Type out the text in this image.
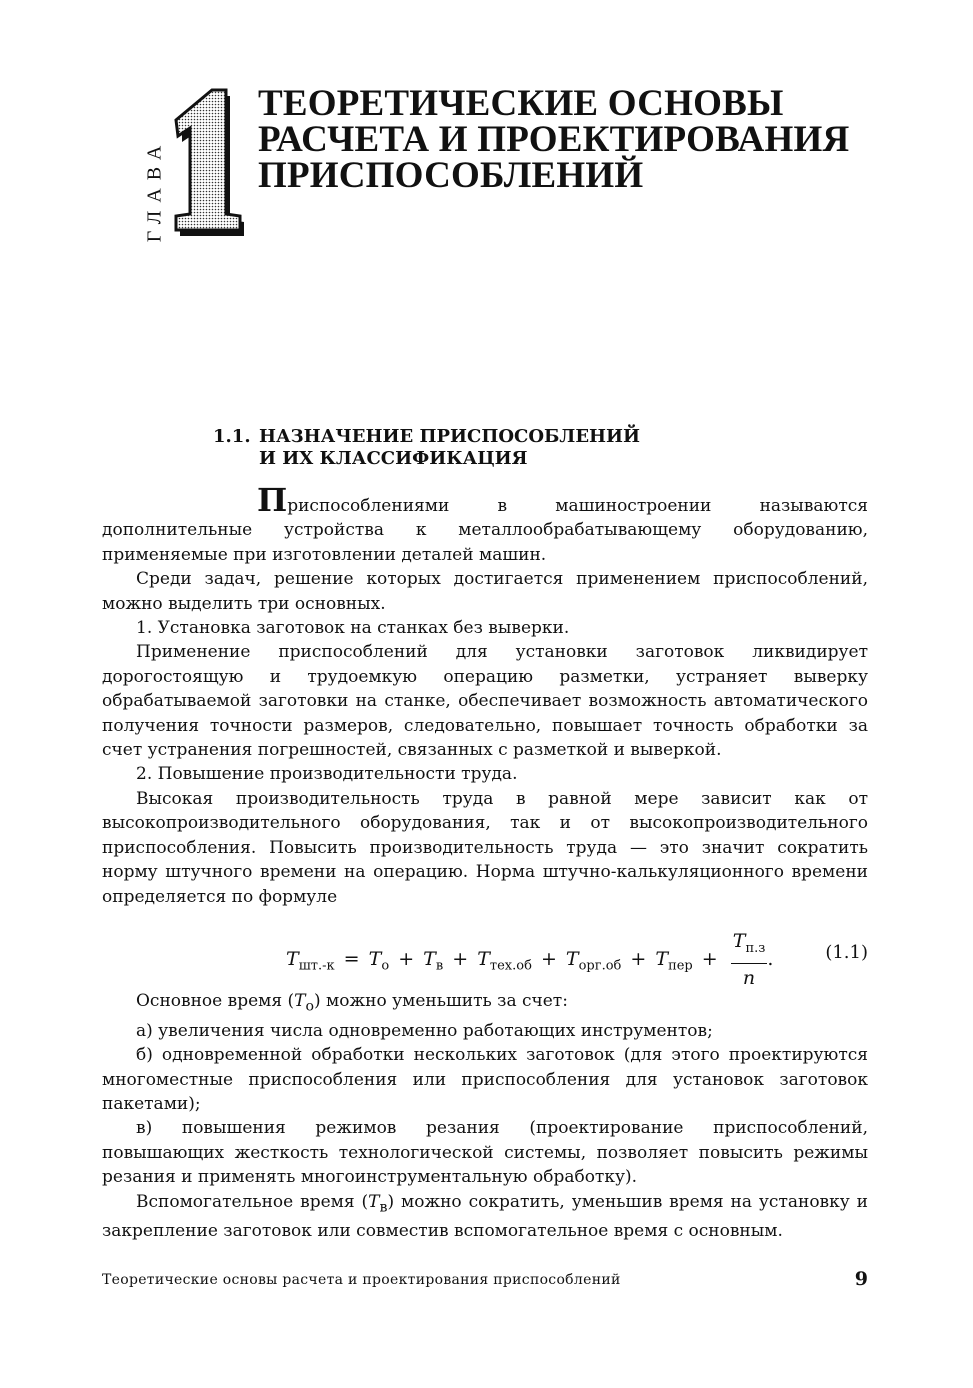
ГЛАВА
ТЕОРЕТИЧЕСКИЕ ОСНОВЫ
РАСЧЕТА И ПРОЕКТИРОВАНИЯ
ПРИСПОСОБЛЕНИЙ
1.1. НАЗНАЧЕНИЕ ПРИСПОСОБЛЕНИЙ
И ИХ КЛАССИФИКАЦИЯ

Приспособлениями в машиностроении называются дополнительные устройства к металлообрабатывающему оборудованию, применяемые при изготовлении деталей машин.

Среди задач, решение которых достигается применением приспособлений, можно выделить три основных.

1. Установка заготовок на станках без выверки.

Применение приспособлений для установки заготовок ликвидирует дорогостоящую и трудоемкую операцию разметки, устраняет выверку обрабатываемой заготовки на станке, обеспечивает возможность автоматического получения точности размеров, следовательно, повышает точность обработки за счет устранения погрешностей, связанных с разметкой и выверкой.

2. Повышение производительности труда.

Высокая производительность труда в равной мере зависит как от высокопроизводительного оборудования, так и от высокопроизводительного приспособления. Повысить производительность труда — это значит сократить норму штучного времени на операцию. Норма штучно-калькуляционного времени определяется по формуле

$T_{шт.-к} = T_о + T_в + T_{тех.об} + T_{орг.об} + T_{пер} + \frac{T_{п.з}}{n}$ .	(1.1)

Основное время $(T_о)$ можно уменьшить за счет:

а) увеличения числа одновременно работающих инструментов;

б) одновременной обработки нескольких заготовок (для этого проектируются многоместные приспособления или приспособления для установок заготовок пакетами);

в) повышения режимов резания (проектирование приспособлений, повышающих жесткость технологической системы, позволяет повысить режимы резания и применять многоинструментальную обработку).

Вспомогательное время $(T_в)$ можно сократить, уменьшив время на установку и закрепление заготовок или совместив вспомогательное время с основным.

Теоретические основы расчета и проектирования приспособлений	9
